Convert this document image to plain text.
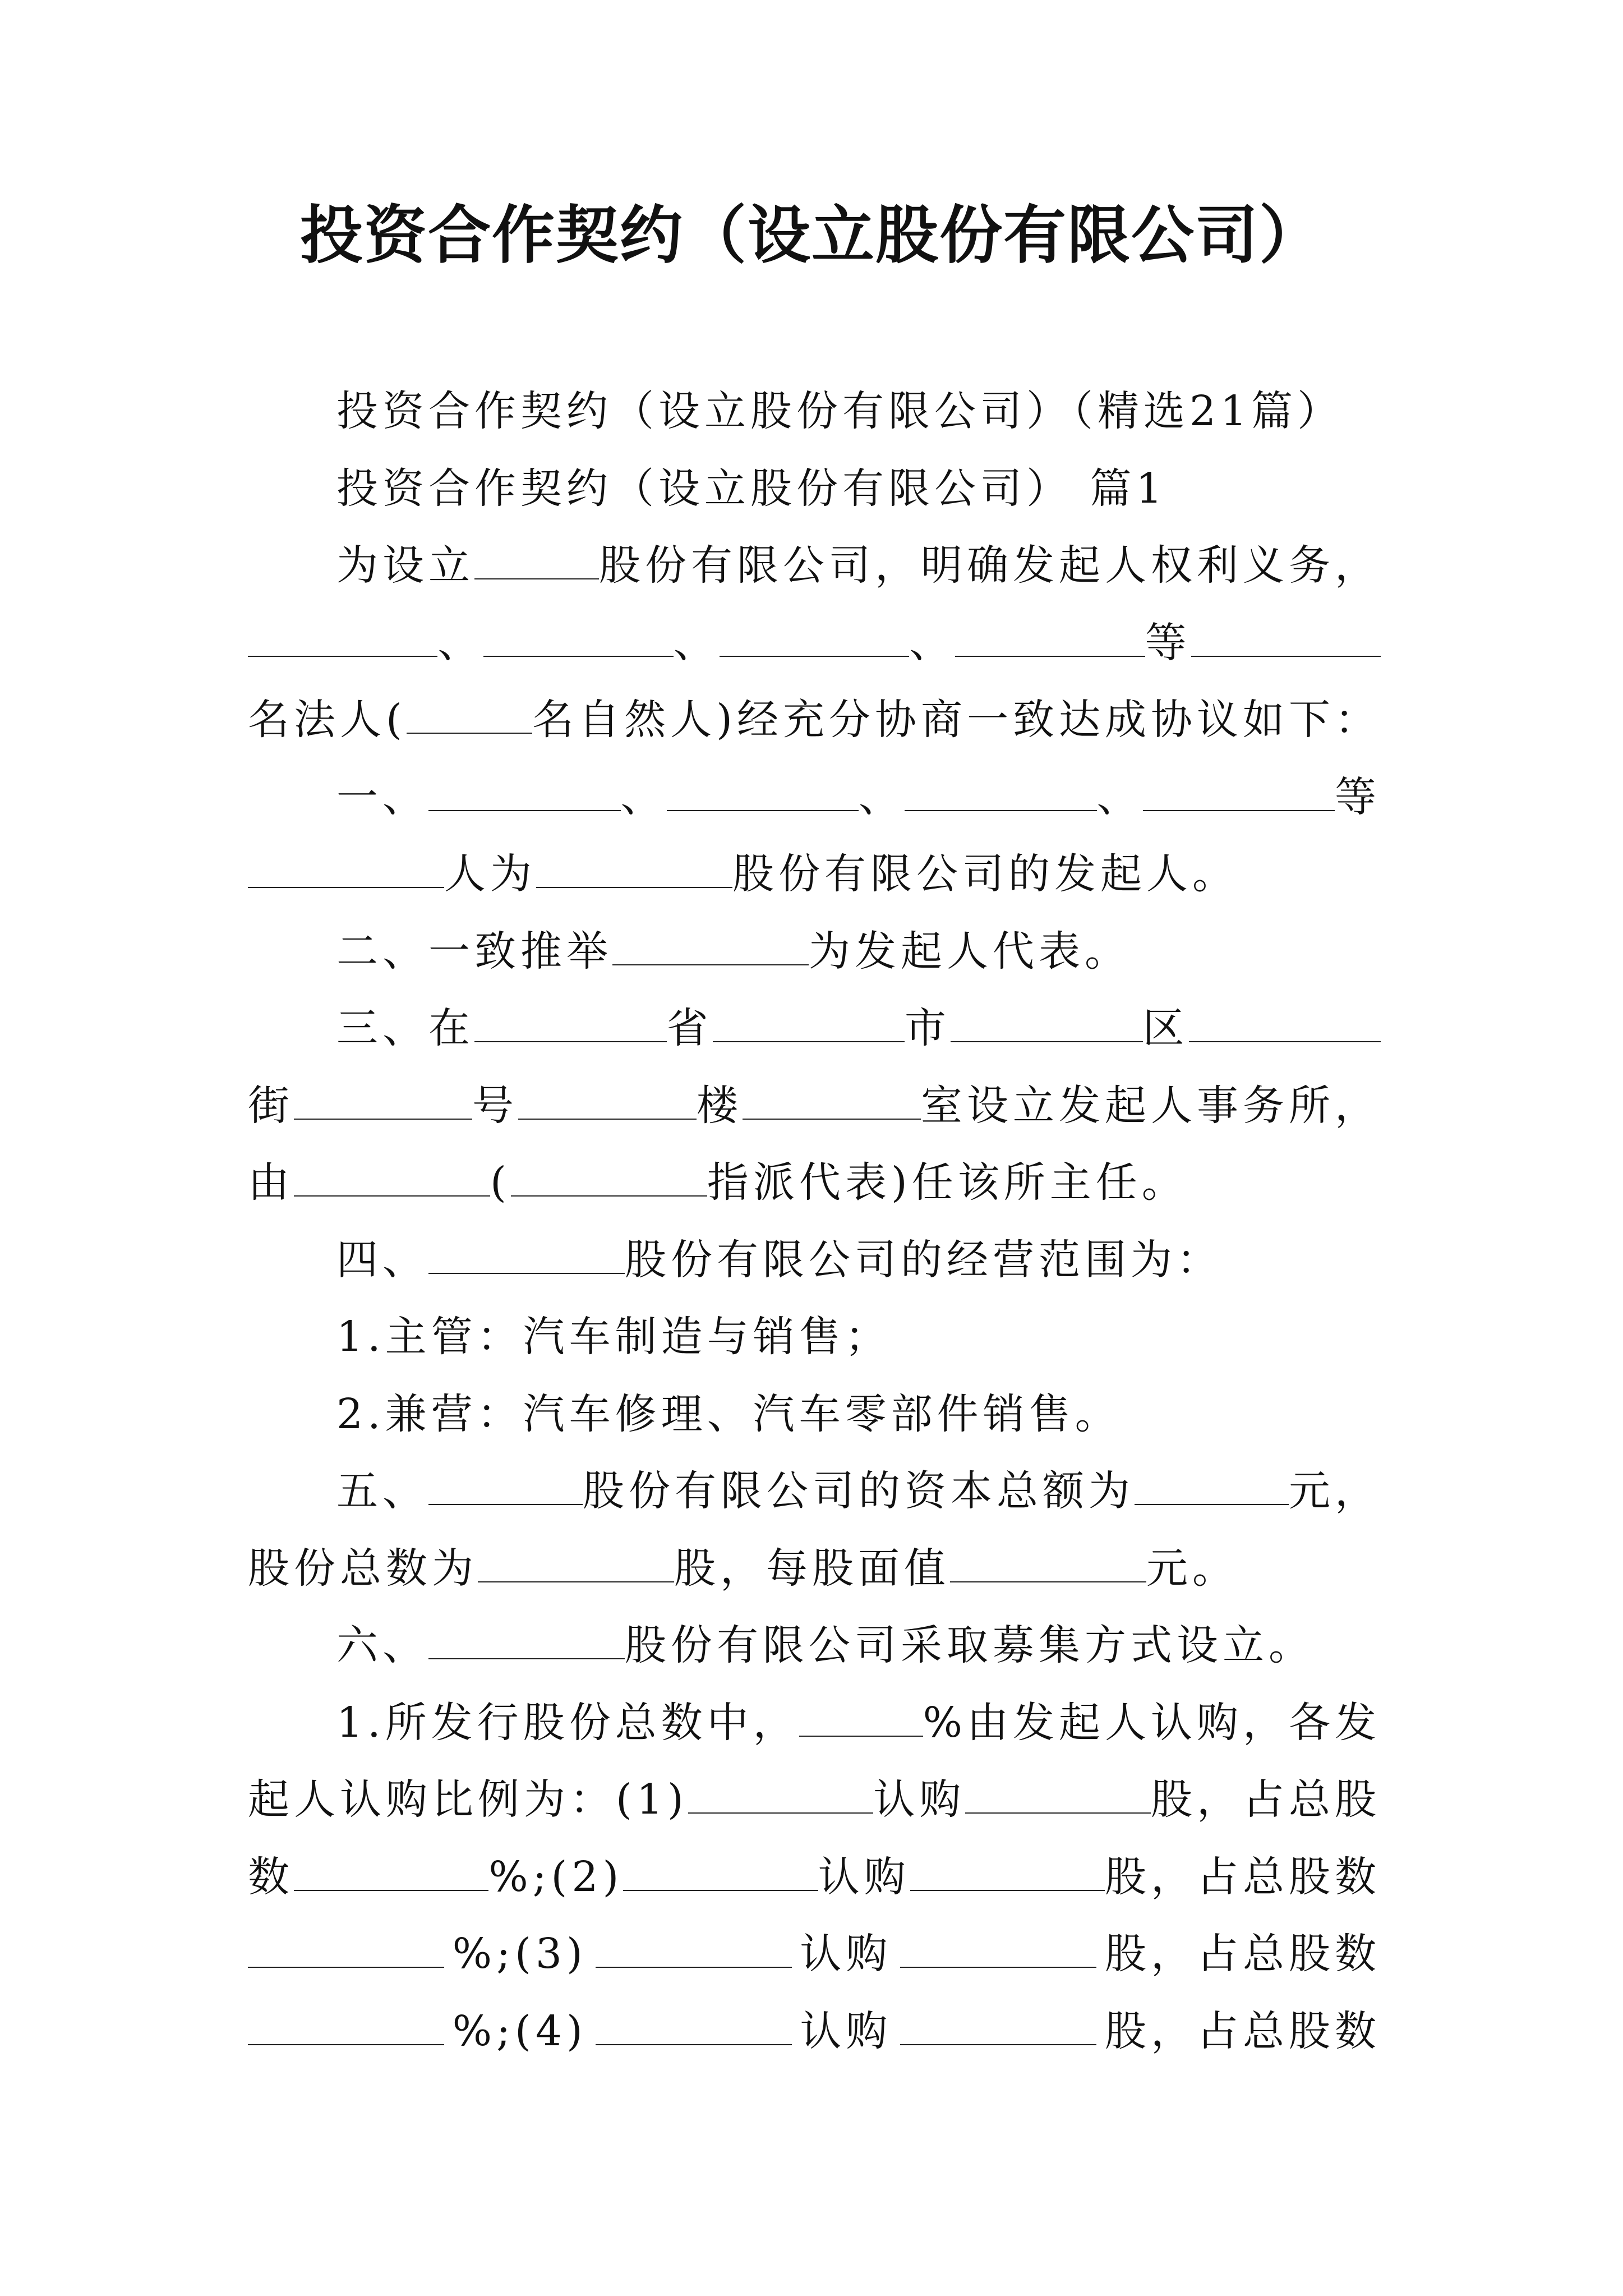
投资合作契约（设立股份有限公司）
投资合作契约（设立股份有限公司）（精选21篇）
投资合作契约（设立股份有限公司） 篇1
为设立	股份有限公司，明确发起人权利义务，
、	、	、	等
名法人(	名自然人)经充分协商一致达成协议如下：
一、	、	、	、	等
人为	股份有限公司的发起人。
二、一致推举	为发起人代表。
三、在	省	市	区
街	号	楼	室设立发起人事务所，
由	(	指派代表)任该所主任。
四、	股份有限公司的经营范围为：
1.主管：汽车制造与销售；
2.兼营：汽车修理、汽车零部件销售。
五、	股份有限公司的资本总额为	元，
股份总数为	股，每股面值	元。
六、	股份有限公司采取募集方式设立。
1.所发行股份总数中，	%由发起人认购，各发
起人认购比例为：(1)	认购	股，占总股
数	%;(2)	认购	股，占总股数
%;(3)	认购	股，占总股数
%;(4)	认购	股，占总股数
